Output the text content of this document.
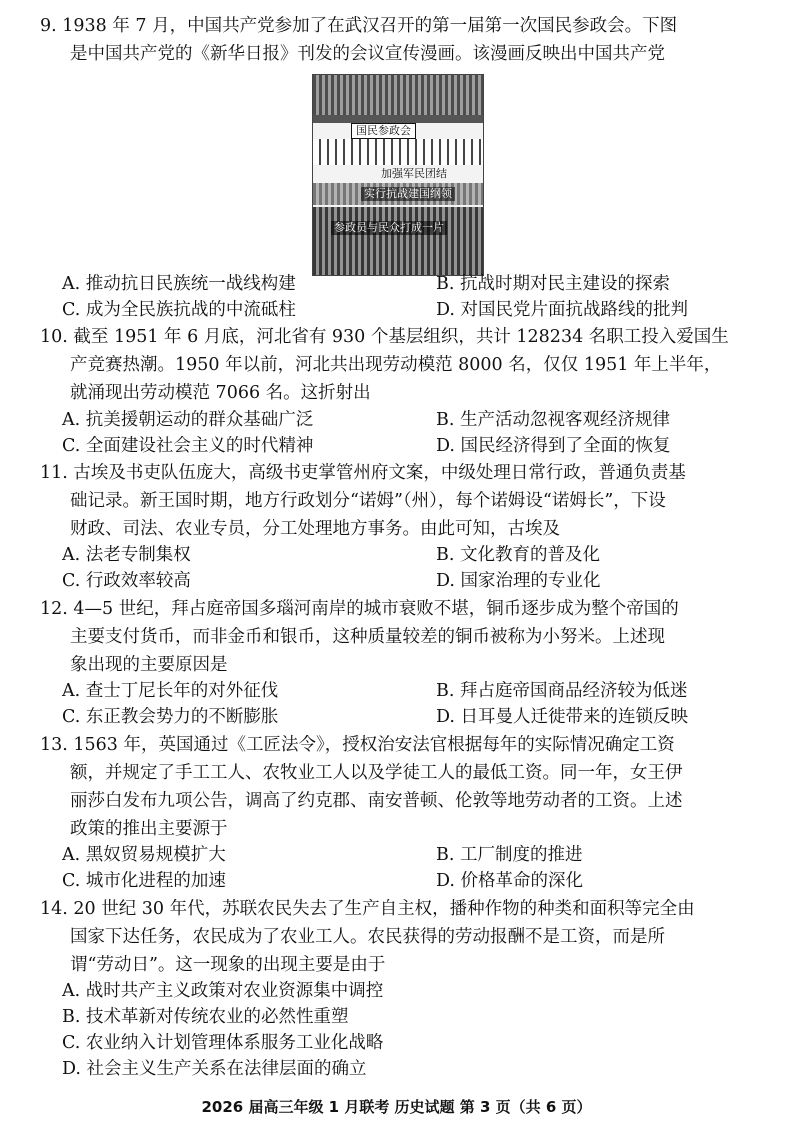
9. 1938 年 7 月，中国共产党参加了在武汉召开的第一届第一次国民参政会。下图
是中国共产党的《新华日报》刊发的会议宣传漫画。该漫画反映出中国共产党
国民参政会
加强军民团结
实行抗战建国纲领
参政员与民众打成一片
A. 推动抗日民族统一战线构建	B. 抗战时期对民主建设的探索
C. 成为全民族抗战的中流砥柱	D. 对国民党片面抗战路线的批判
10. 截至 1951 年 6 月底，河北省有 930 个基层组织，共计 128234 名职工投入爱国生
产竞赛热潮。1950 年以前，河北共出现劳动模范 8000 名，仅仅 1951 年上半年，
就涌现出劳动模范 7066 名。这折射出
A. 抗美援朝运动的群众基础广泛	B. 生产活动忽视客观经济规律
C. 全面建设社会主义的时代精神	D. 国民经济得到了全面的恢复
11. 古埃及书吏队伍庞大，高级书吏掌管州府文案，中级处理日常行政，普通负责基
础记录。新王国时期，地方行政划分“诺姆”（州），每个诺姆设“诺姆长”，下设
财政、司法、农业专员，分工处理地方事务。由此可知，古埃及
A. 法老专制集权	B. 文化教育的普及化
C. 行政效率较高	D. 国家治理的专业化
12. 4—5 世纪，拜占庭帝国多瑙河南岸的城市衰败不堪，铜币逐步成为整个帝国的
主要支付货币，而非金币和银币，这种质量较差的铜币被称为小努米。上述现
象出现的主要原因是
A. 查士丁尼长年的对外征伐	B. 拜占庭帝国商品经济较为低迷
C. 东正教会势力的不断膨胀	D. 日耳曼人迁徙带来的连锁反映
13. 1563 年，英国通过《工匠法令》，授权治安法官根据每年的实际情况确定工资
额，并规定了手工工人、农牧业工人以及学徒工人的最低工资。同一年，女王伊
丽莎白发布九项公告，调高了约克郡、南安普顿、伦敦等地劳动者的工资。上述
政策的推出主要源于
A. 黑奴贸易规模扩大	B. 工厂制度的推进
C. 城市化进程的加速	D. 价格革命的深化
14. 20 世纪 30 年代，苏联农民失去了生产自主权，播种作物的种类和面积等完全由
国家下达任务，农民成为了农业工人。农民获得的劳动报酬不是工资，而是所
谓“劳动日”。这一现象的出现主要是由于
A. 战时共产主义政策对农业资源集中调控
B. 技术革新对传统农业的必然性重塑
C. 农业纳入计划管理体系服务工业化战略
D. 社会主义生产关系在法律层面的确立
2026 届高三年级 1 月联考 历史试题 第 3 页（共 6 页）
